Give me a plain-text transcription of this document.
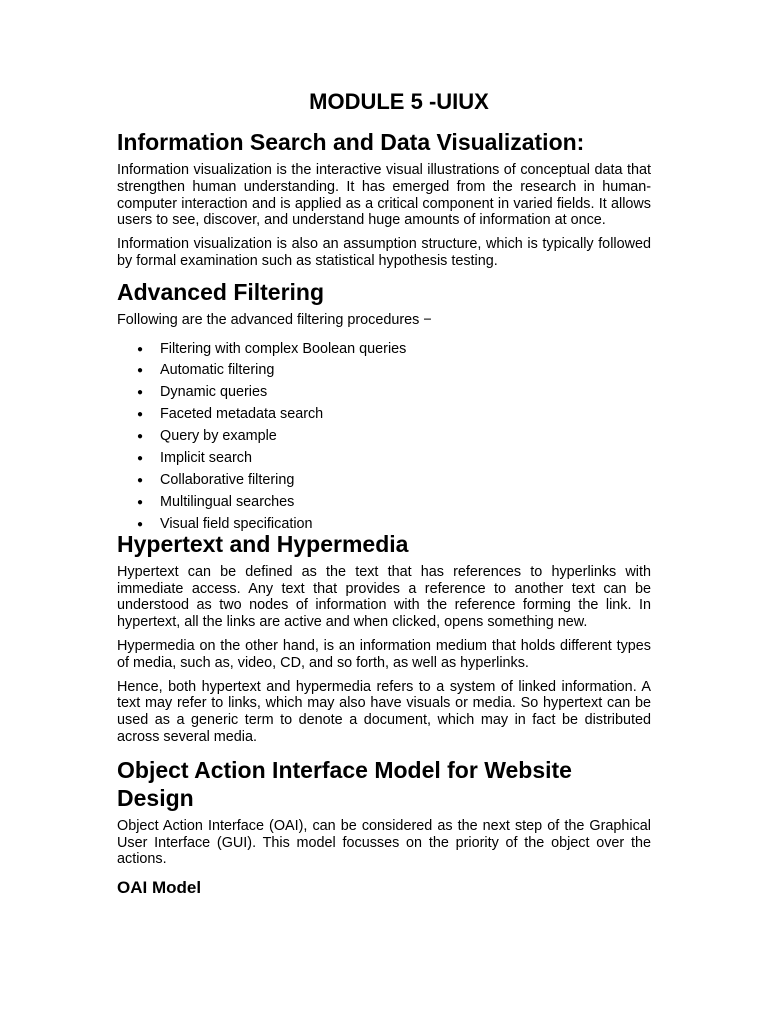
MODULE 5 -UIUX
Information Search and Data Visualization:

Information visualization is the interactive visual illustrations of conceptual data that strengthen human understanding. It has emerged from the research in human-computer interaction and is applied as a critical component in varied fields. It allows users to see, discover, and understand huge amounts of information at once.

Information visualization is also an assumption structure, which is typically followed by formal examination such as statistical hypothesis testing.

Advanced Filtering

Following are the advanced filtering procedures −

● Filtering with complex Boolean queries
● Automatic filtering
● Dynamic queries
● Faceted metadata search
● Query by example
● Implicit search
● Collaborative filtering
● Multilingual searches
● Visual field specification
Hypertext and Hypermedia

Hypertext can be defined as the text that has references to hyperlinks with immediate access. Any text that provides a reference to another text can be understood as two nodes of information with the reference forming the link. In hypertext, all the links are active and when clicked, opens something new.

Hypermedia on the other hand, is an information medium that holds different types of media, such as, video, CD, and so forth, as well as hyperlinks.

Hence, both hypertext and hypermedia refers to a system of linked information. A text may refer to links, which may also have visuals or media. So hypertext can be used as a generic term to denote a document, which may in fact be distributed across several media.

Object Action Interface Model for Website Design

Object Action Interface (OAI), can be considered as the next step of the Graphical User Interface (GUI). This model focusses on the priority of the object over the actions.

OAI Model
